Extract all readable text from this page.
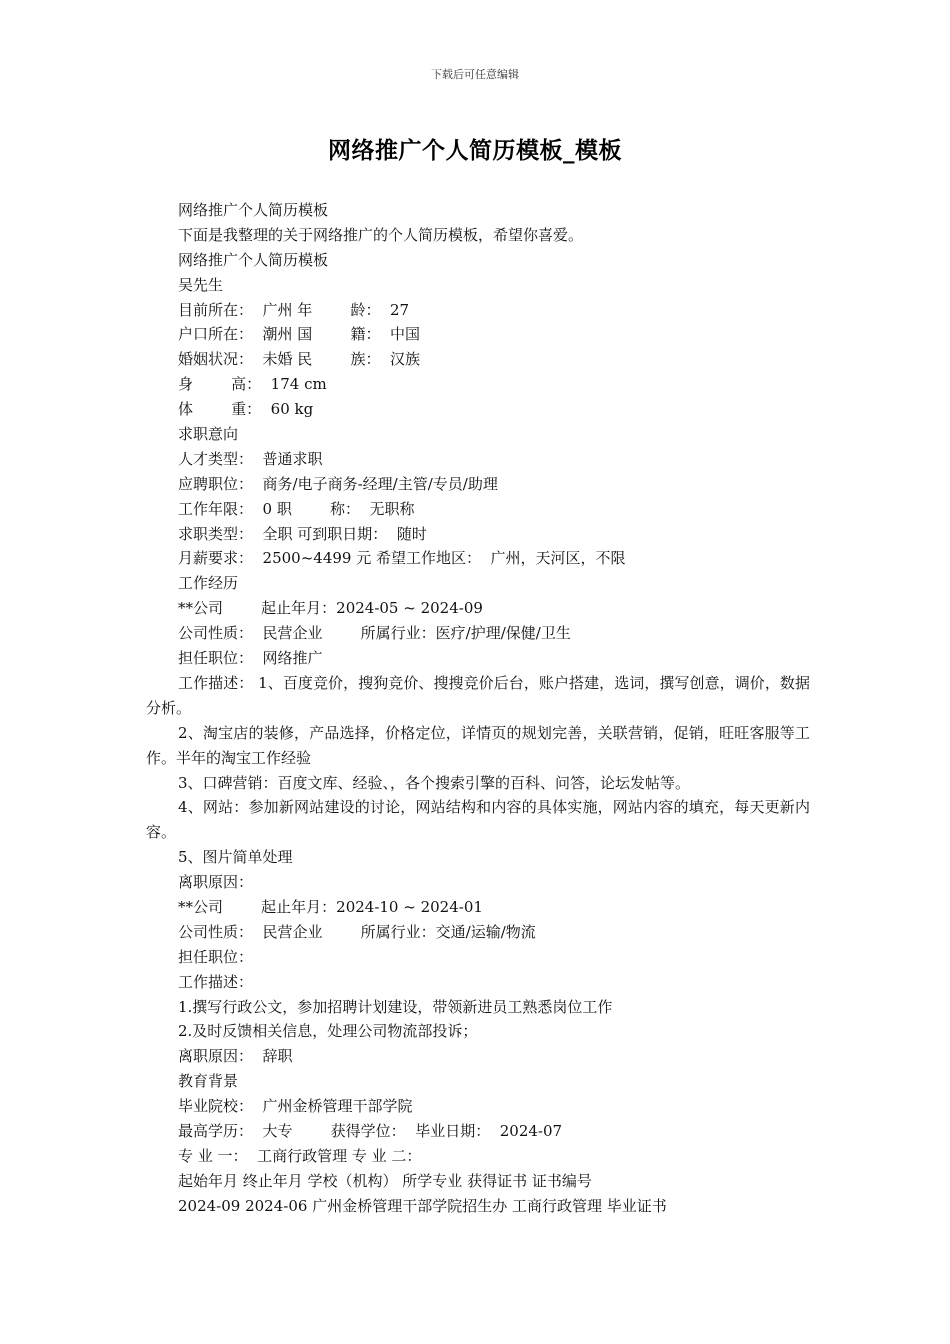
下载后可任意编辑
网络推广个人简历模板_模板
网络推广个人简历模板
下面是我整理的关于网络推广的个人简历模板，希望你喜爱。
网络推广个人简历模板
吴先生
目前所在：  广州 年        龄：  27
户口所在：  潮州 国        籍：  中国
婚姻状况：  未婚 民        族：  汉族
身        高：  174 cm
体        重：  60 kg
求职意向
人才类型：  普通求职
应聘职位：  商务/电子商务-经理/主管/专员/助理
工作年限：  0 职        称：  无职称
求职类型：  全职 可到职日期：  随时
月薪要求：  2500~4499 元 希望工作地区：  广州，天河区，不限
工作经历
**公司        起止年月：2024-05 ~ 2024-09
公司性质：  民营企业        所属行业：医疗/护理/保健/卫生
担任职位：  网络推广
工作描述： 1、百度竞价，搜狗竞价、搜搜竞价后台，账户搭建，选词，撰写创意，调价，数据分析。
2、淘宝店的装修，产品选择，价格定位，详情页的规划完善，关联营销，促销，旺旺客服等工作。半年的淘宝工作经验
3、口碑营销：百度文库、经验、，各个搜索引擎的百科、问答，论坛发帖等。
4、网站：参加新网站建设的讨论，网站结构和内容的具体实施，网站内容的填充，每天更新内容。
5、图片简单处理
离职原因：
**公司        起止年月：2024-10 ~ 2024-01
公司性质：  民营企业        所属行业：交通/运输/物流
担任职位：
工作描述：
1.撰写行政公文，参加招聘计划建设，带领新进员工熟悉岗位工作
2.及时反馈相关信息，处理公司物流部投诉；
离职原因：  辞职
教育背景
毕业院校：  广州金桥管理干部学院
最高学历：  大专        获得学位：  毕业日期：  2024-07
专 业 一：  工商行政管理 专 业 二：
起始年月 终止年月 学校（机构） 所学专业 获得证书 证书编号
2024-09 2024-06 广州金桥管理干部学院招生办 工商行政管理 毕业证书
